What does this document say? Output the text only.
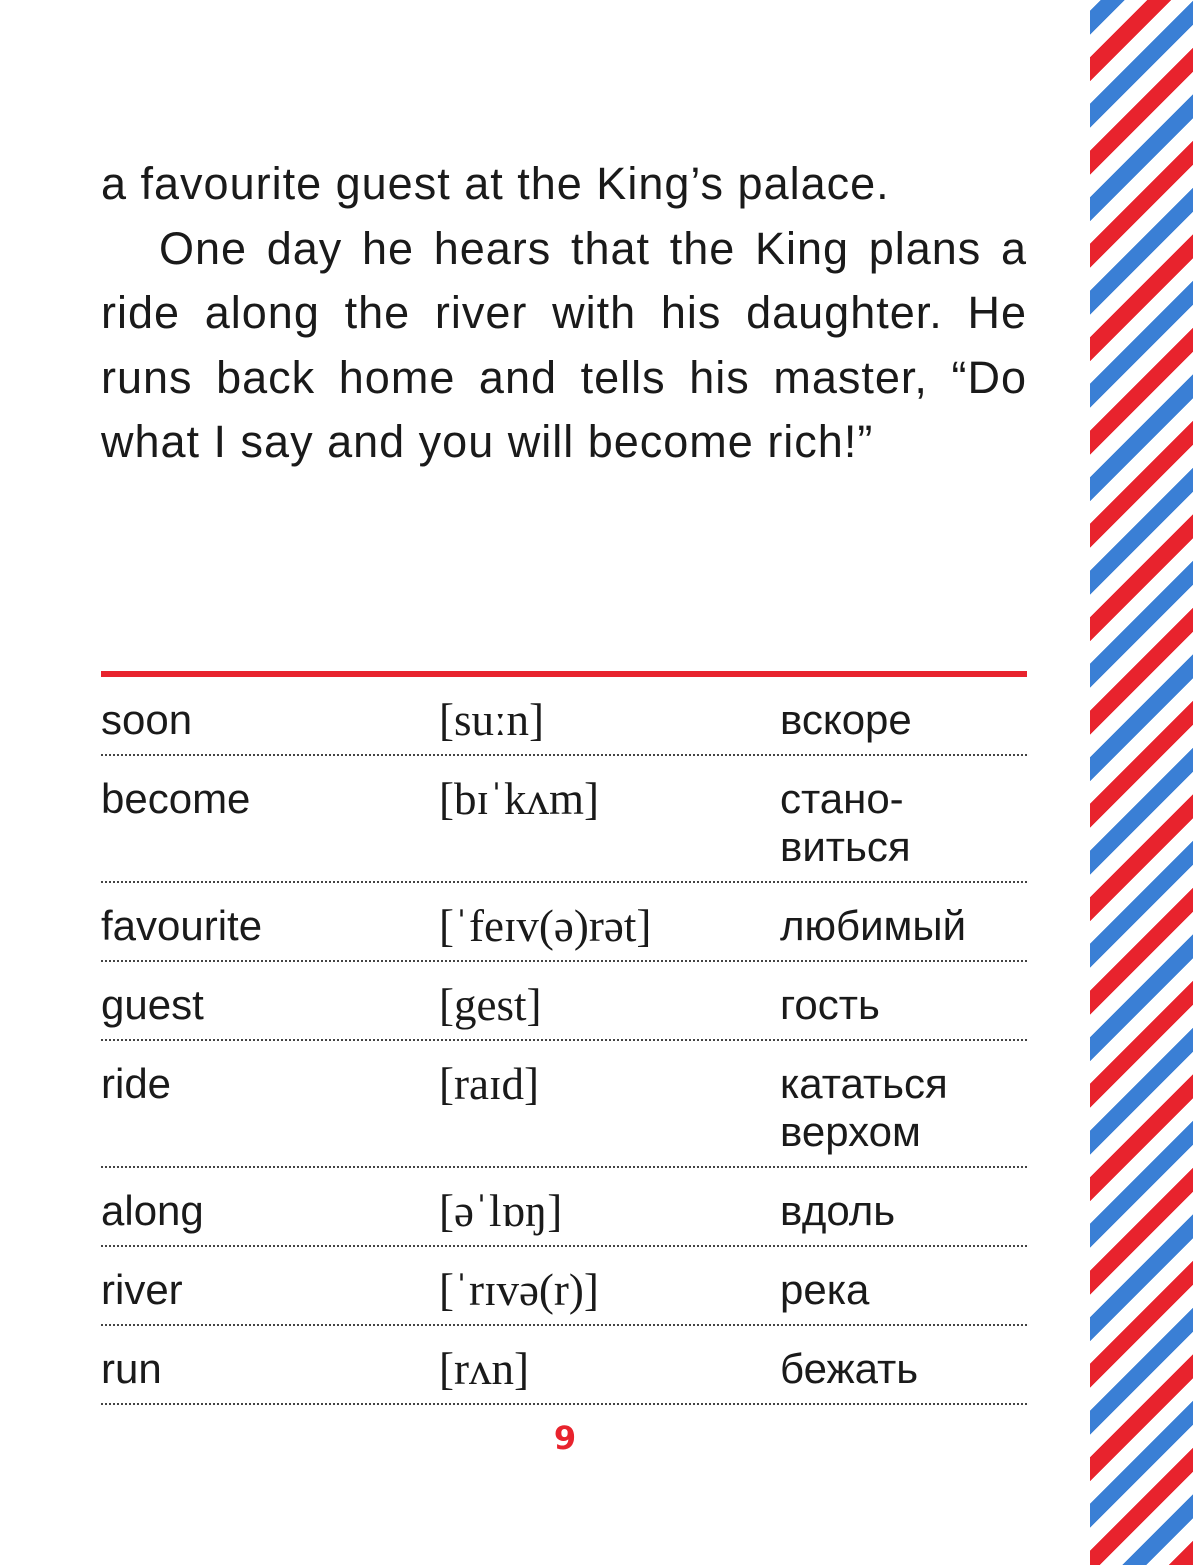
a favourite guest at the King’s palace.

One day he hears that the King plans a ride along the river with his daughter. He runs back home and tells his master, “Do what I say and you will become rich!”

soon	[suːn]	вскоре
become	[bɪˈkʌm]	стано-
виться
favourite	[ˈfeɪv(ə)rət]	любимый
guest	[gest]	гость
ride	[raɪd]	кататься
верхом
along	[əˈlɒŋ]	вдоль
river	[ˈrɪvə(r)]	река
run	[rʌn]	бежать
9
